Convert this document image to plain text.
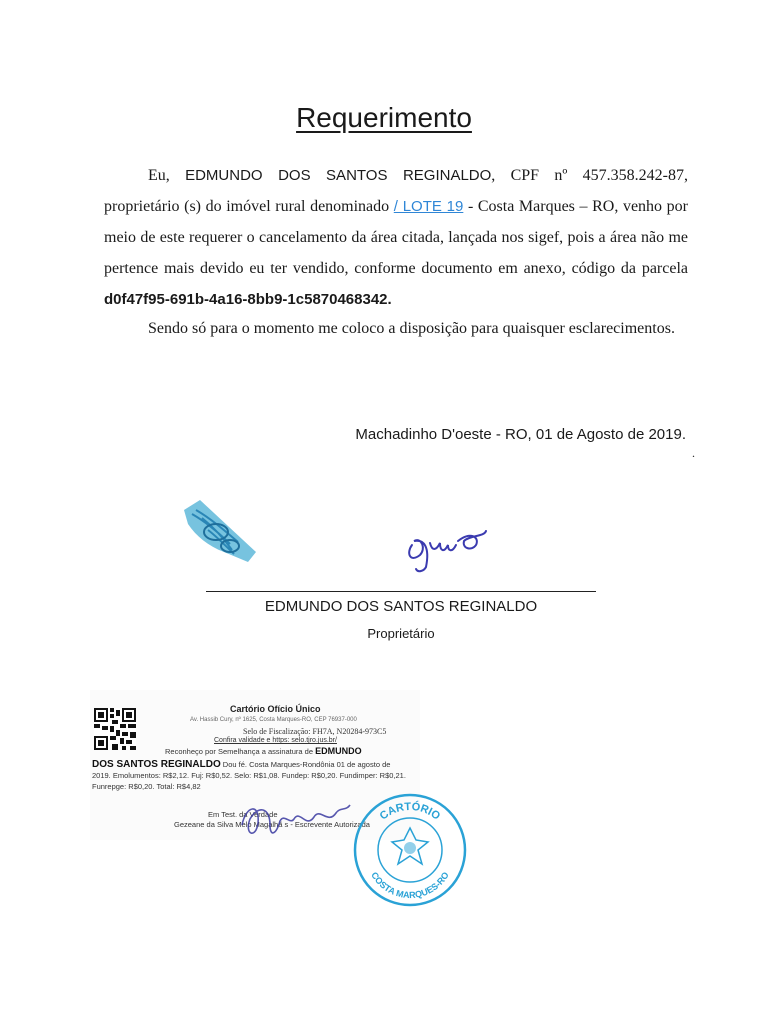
Requerimento
Eu, EDMUNDO DOS SANTOS REGINALDO, CPF nº 457.358.242-87, proprietário (s) do imóvel rural denominado / LOTE 19 - Costa Marques – RO, venho por meio de este requerer o cancelamento da área citada, lançada nos sigef, pois a área não me pertence mais devido eu ter vendido, conforme documento em anexo, código da parcela d0f47f95-691b-4a16-8bb9-1c5870468342.
Sendo só para o momento me coloco a disposição para quaisquer esclarecimentos.
Machadinho D'oeste - RO, 01 de Agosto de 2019.
.
EDMUNDO DOS SANTOS REGINALDO
Proprietário
Cartório Ofício Único
Av. Hassib Cury, nº 1625, Costa Marques-RO, CEP 76937-000
Selo de Fiscalização: FH7A, N20284-973C5
Confira validade e https: selo.tjro.jus.br/
Reconheço por Semelhança a assinatura de EDMUNDO
DOS SANTOS REGINALDO Dou fé. Costa Marques-Rondônia 01 de agosto de 2019. Emolumentos: R$2,12. Fuj: R$0,52. Selo: R$1,08. Fundep: R$0,20. Fundimper: R$0,21. Funrepge: R$0,20. Total: R$4,82
Em Test. da Verdade
Gezeane da Silva Melo Magalhã s - Escrevente Autorizada
CARTÓRIO
COSTA MARQUES-RO
